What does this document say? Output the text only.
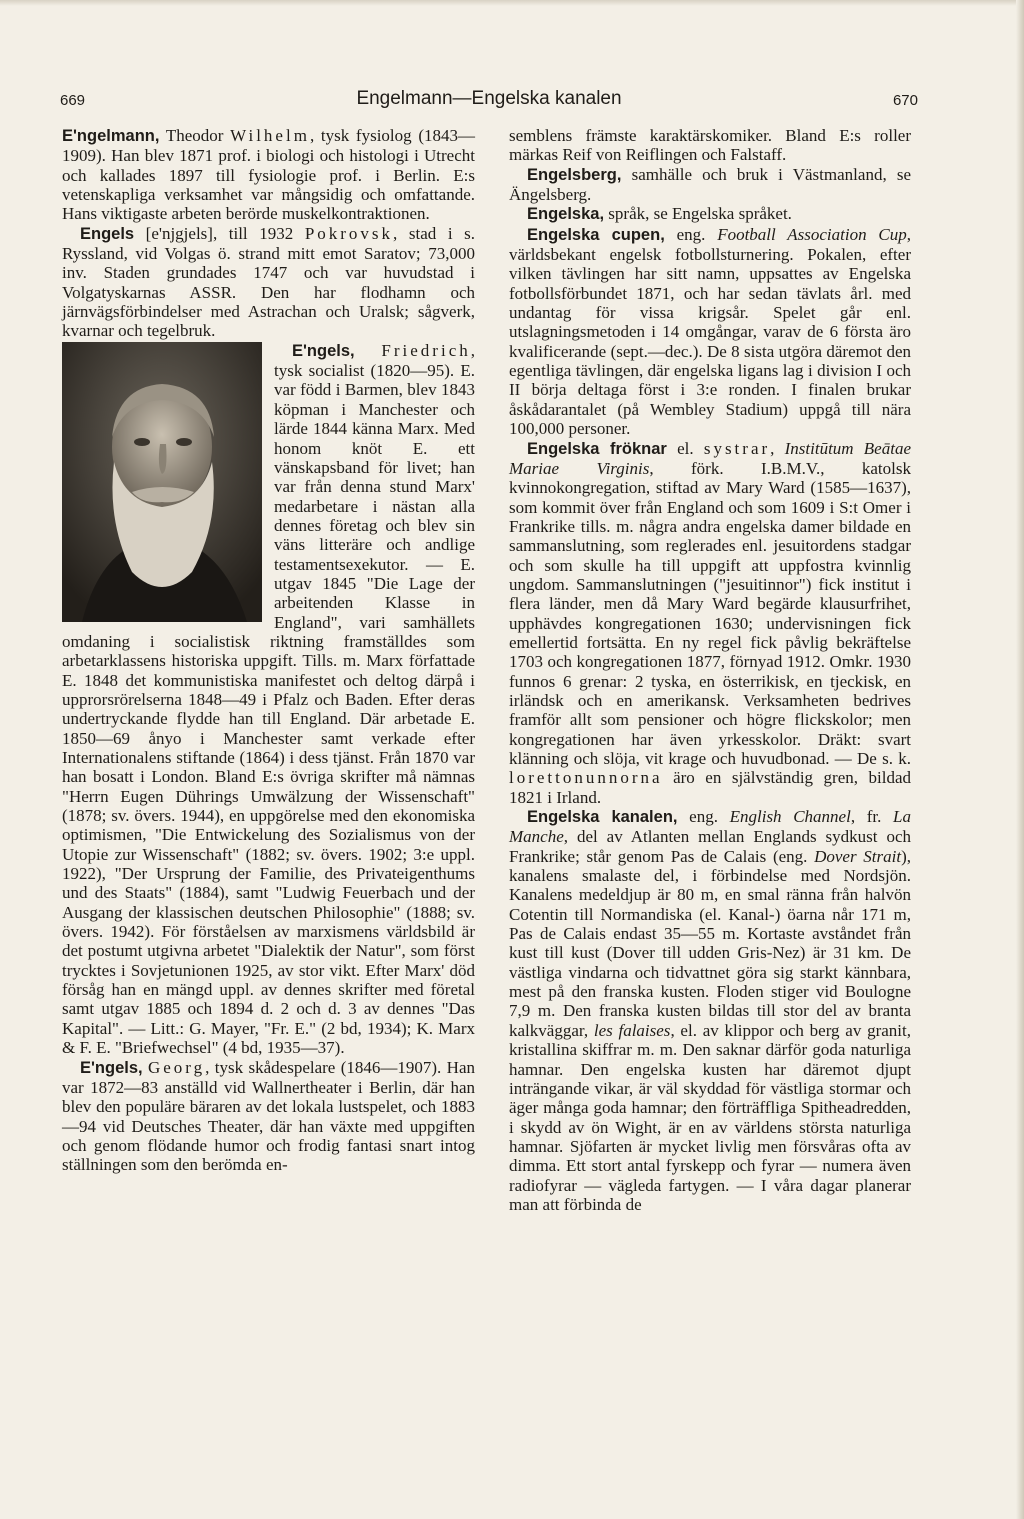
669	Engelmann—Engelska kanalen	670

E'ngelmann, Theodor Wilhelm, tysk fysiolog (1843—1909). Han blev 1871 prof. i biologi och histologi i Utrecht och kallades 1897 till fysiologie prof. i Berlin. E:s vetenskapliga verksamhet var mångsidig och omfattande. Hans viktigaste arbeten berörde muskelkontraktionen.

Engels [e'njgjels], till 1932 Pokrovsk, stad i s. Ryssland, vid Volgas ö. strand mitt emot Saratov; 73,000 inv. Staden grundades 1747 och var huvudstad i Volgatyskarnas ASSR. Den har flodhamn och järnvägsförbindelser med Astrachan och Uralsk; sågverk, kvarnar och tegelbruk.

E'ngels, Friedrich
, tysk socialist (1820—95). E. var född i Barmen, blev 1843 köpman i Manchester och lärde 1844 känna Marx. Med honom knöt E. ett vänskapsband för livet; han var från denna stund Marx' medarbetare i nästan alla dennes företag och blev sin väns litteräre och andlige testamentsexekutor. — E. utgav 1845 "Die Lage der arbeitenden Klasse in England", vari samhällets omdaning i socialistisk riktning framställdes som arbetarklassens historiska uppgift. Tills. m. Marx författade E. 1848 det kommunistiska manifestet och deltog därpå i upprorsrörelserna 1848—49 i Pfalz och Baden. Efter deras undertryckande flydde han till England. Där arbetade E. 1850—69 ånyo i Manchester samt verkade efter Internationalens stiftande (1864) i dess tjänst. Från 1870 var han bosatt i London. Bland E:s övriga skrifter må nämnas "Herrn Eugen Dührings Umwälzung der Wissenschaft" (1878; sv. övers. 1944), en uppgörelse med den ekonomiska optimismen, "Die Entwickelung des Sozialismus von der Utopie zur Wissenschaft" (1882; sv. övers. 1902; 3:e uppl. 1922), "Der Ursprung der Familie, des Privateigenthums und des Staats" (1884), samt "Ludwig Feuerbach und der Ausgang der klassischen deutschen Philosophie" (1888; sv. övers. 1942). För förståelsen av marxismens världsbild är det postumt utgivna arbetet "Dialektik der Natur", som först trycktes i Sovjetunionen 1925, av stor vikt. Efter Marx' död försåg han en mängd uppl. av dennes skrifter med företal samt utgav 1885 och 1894 d. 2 och d. 3 av dennes "Das Kapital". — Litt.: G. Mayer, "Fr. E." (2 bd, 1934); K. Marx & F. E. "Briefwechsel" (4 bd, 1935—37).

E'ngels, Georg, tysk skådespelare (1846—1907). Han var 1872—83 anställd vid Wallnertheater i Berlin, där han blev den populäre bäraren av det lokala lustspelet, och 1883—94 vid Deutsches Theater, där han växte med uppgiften och genom flödande humor och frodig fantasi snart intog ställningen som den berömda en-

semblens främste karaktärskomiker. Bland E:s roller märkas Reif von Reiflingen och Falstaff.

Engelsberg, samhälle och bruk i Västmanland, se Ängelsberg.

Engelska, språk, se Engelska språket.

Engelska cupen, eng. Football Association Cup, världsbekant engelsk fotbollsturnering. Pokalen, efter vilken tävlingen har sitt namn, uppsattes av Engelska fotbollsförbundet 1871, och har sedan tävlats årl. med undantag för vissa krigsår. Spelet går enl. utslagningsmetoden i 14 omgångar, varav de 6 första äro kvalificerande (sept.—dec.). De 8 sista utgöra däremot den egentliga tävlingen, där engelska ligans lag i division I och II börja deltaga först i 3:e ronden. I finalen brukar åskådarantalet (på Wembley Stadium) uppgå till nära 100,000 personer.

Engelska fröknar el. systrar, Institūtum Beātae Mariae Virginis, förk. I.B.M.V., katolsk kvinnokongregation, stiftad av Mary Ward (1585—1637), som kommit över från England och som 1609 i S:t Omer i Frankrike tills. m. några andra engelska damer bildade en sammanslutning, som reglerades enl. jesuitordens stadgar och som skulle ha till uppgift att uppfostra kvinnlig ungdom. Sammanslutningen ("jesuitinnor") fick institut i flera länder, men då Mary Ward begärde klausurfrihet, upphävdes kongregationen 1630; undervisningen fick emellertid fortsätta. En ny regel fick påvlig bekräftelse 1703 och kongregationen 1877, förnyad 1912. Omkr. 1930 funnos 6 grenar: 2 tyska, en österrikisk, en tjeckisk, en irländsk och en amerikansk. Verksamheten bedrives framför allt som pensioner och högre flickskolor; men kongregationen har även yrkesskolor. Dräkt: svart klänning och slöja, vit krage och huvudbonad. — De s. k. lorettonunnorna äro en självständig gren, bildad 1821 i Irland.

Engelska kanalen, eng. English Channel, fr. La Manche, del av Atlanten mellan Englands sydkust och Frankrike; står genom Pas de Calais (eng. Dover Strait), kanalens smalaste del, i förbindelse med Nordsjön. Kanalens medeldjup är 80 m, en smal ränna från halvön Cotentin till Normandiska (el. Kanal-) öarna når 171 m, Pas de Calais endast 35—55 m. Kortaste avståndet från kust till kust (Dover till udden Gris-Nez) är 31 km. De västliga vindarna och tidvattnet göra sig starkt kännbara, mest på den franska kusten. Floden stiger vid Boulogne 7,9 m. Den franska kusten bildas till stor del av branta kalkväggar, les falaises, el. av klippor och berg av granit, kristallina skiffrar m. m. Den saknar därför goda naturliga hamnar. Den engelska kusten har däremot djupt inträngande vikar, är väl skyddad för västliga stormar och äger många goda hamnar; den förträffliga Spitheadredden, i skydd av ön Wight, är en av världens största naturliga hamnar. Sjöfarten är mycket livlig men försvåras ofta av dimma. Ett stort antal fyrskepp och fyrar — numera även radiofyrar — vägleda fartygen. — I våra dagar planerar man att förbinda de
